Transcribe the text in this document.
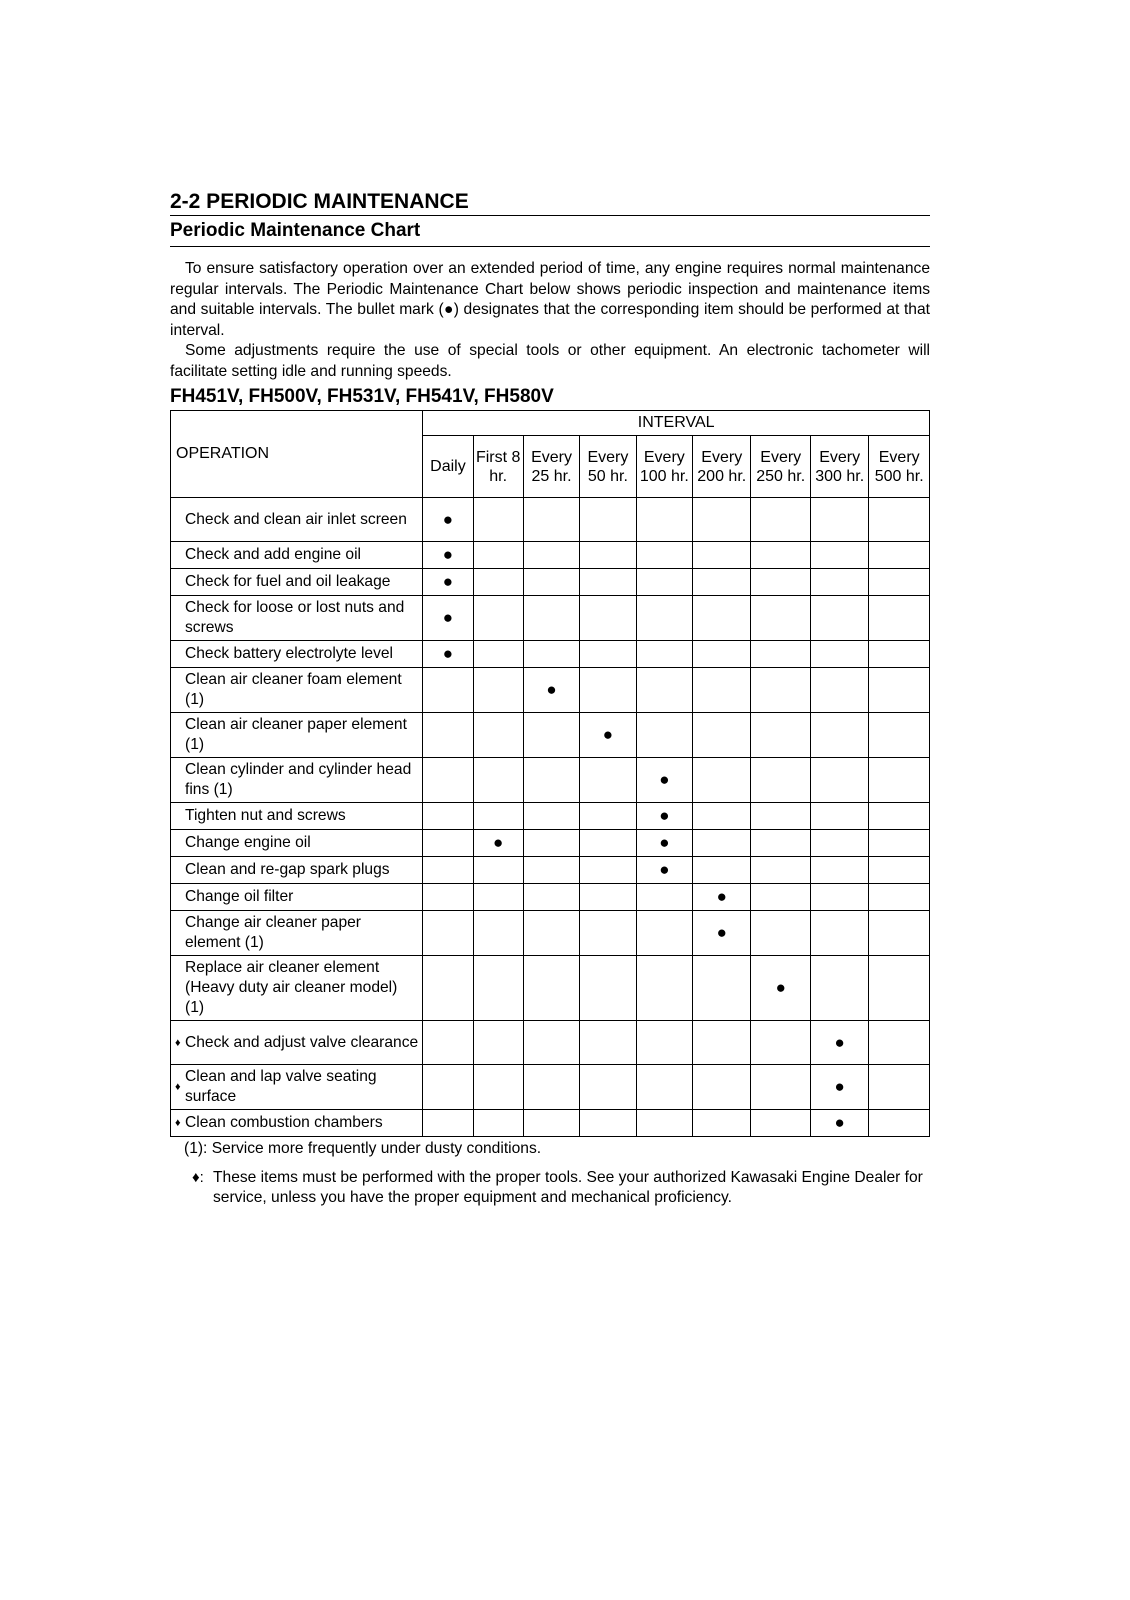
2-2 PERIODIC MAINTENANCE
Periodic Maintenance Chart

To ensure satisfactory operation over an extended period of time, any engine requires normal maintenance regular intervals. The Periodic Maintenance Chart below shows periodic inspection and maintenance items and suitable intervals. The bullet mark (●) designates that the corresponding item should be performed at that interval.

Some adjustments require the use of special tools or other equipment. An electronic tachometer will facilitate setting idle and running speeds.

FH451V, FH500V, FH531V, FH541V, FH580V
OPERATION	INTERVAL								
	Daily	First 8 hr.	Every 25 hr.	Every 50 hr.	Every 100 hr.	Every 200 hr.	Every 250 hr.	Every 300 hr.	Every 500 hr.
Check and clean air inlet screen	●								
Check and add engine oil	●								
Check for fuel and oil leakage	●								
Check for loose or lost nuts and screws	●								
Check battery electrolyte level	●								
Clean air cleaner foam element (1)			●						
Clean air cleaner paper element (1)				●					
Clean cylinder and cylinder head fins (1)					●				
Tighten nut and screws					●				
Change engine oil		●			●				
Clean and re-gap spark plugs					●				
Change oil filter						●			
Change air cleaner paper element (1)						●			
Replace air cleaner element (Heavy duty air cleaner model) (1)							●		

♦ Check and adjust valve clearance								●	

♦
Clean and lap valve seating surface								●	

♦ Clean combustion chambers								●	

(1): Service more frequently under dusty conditions.

♦: These items must be performed with the proper tools. See your authorized Kawasaki Engine Dealer for service, unless you have the proper equipment and mechanical proficiency.
